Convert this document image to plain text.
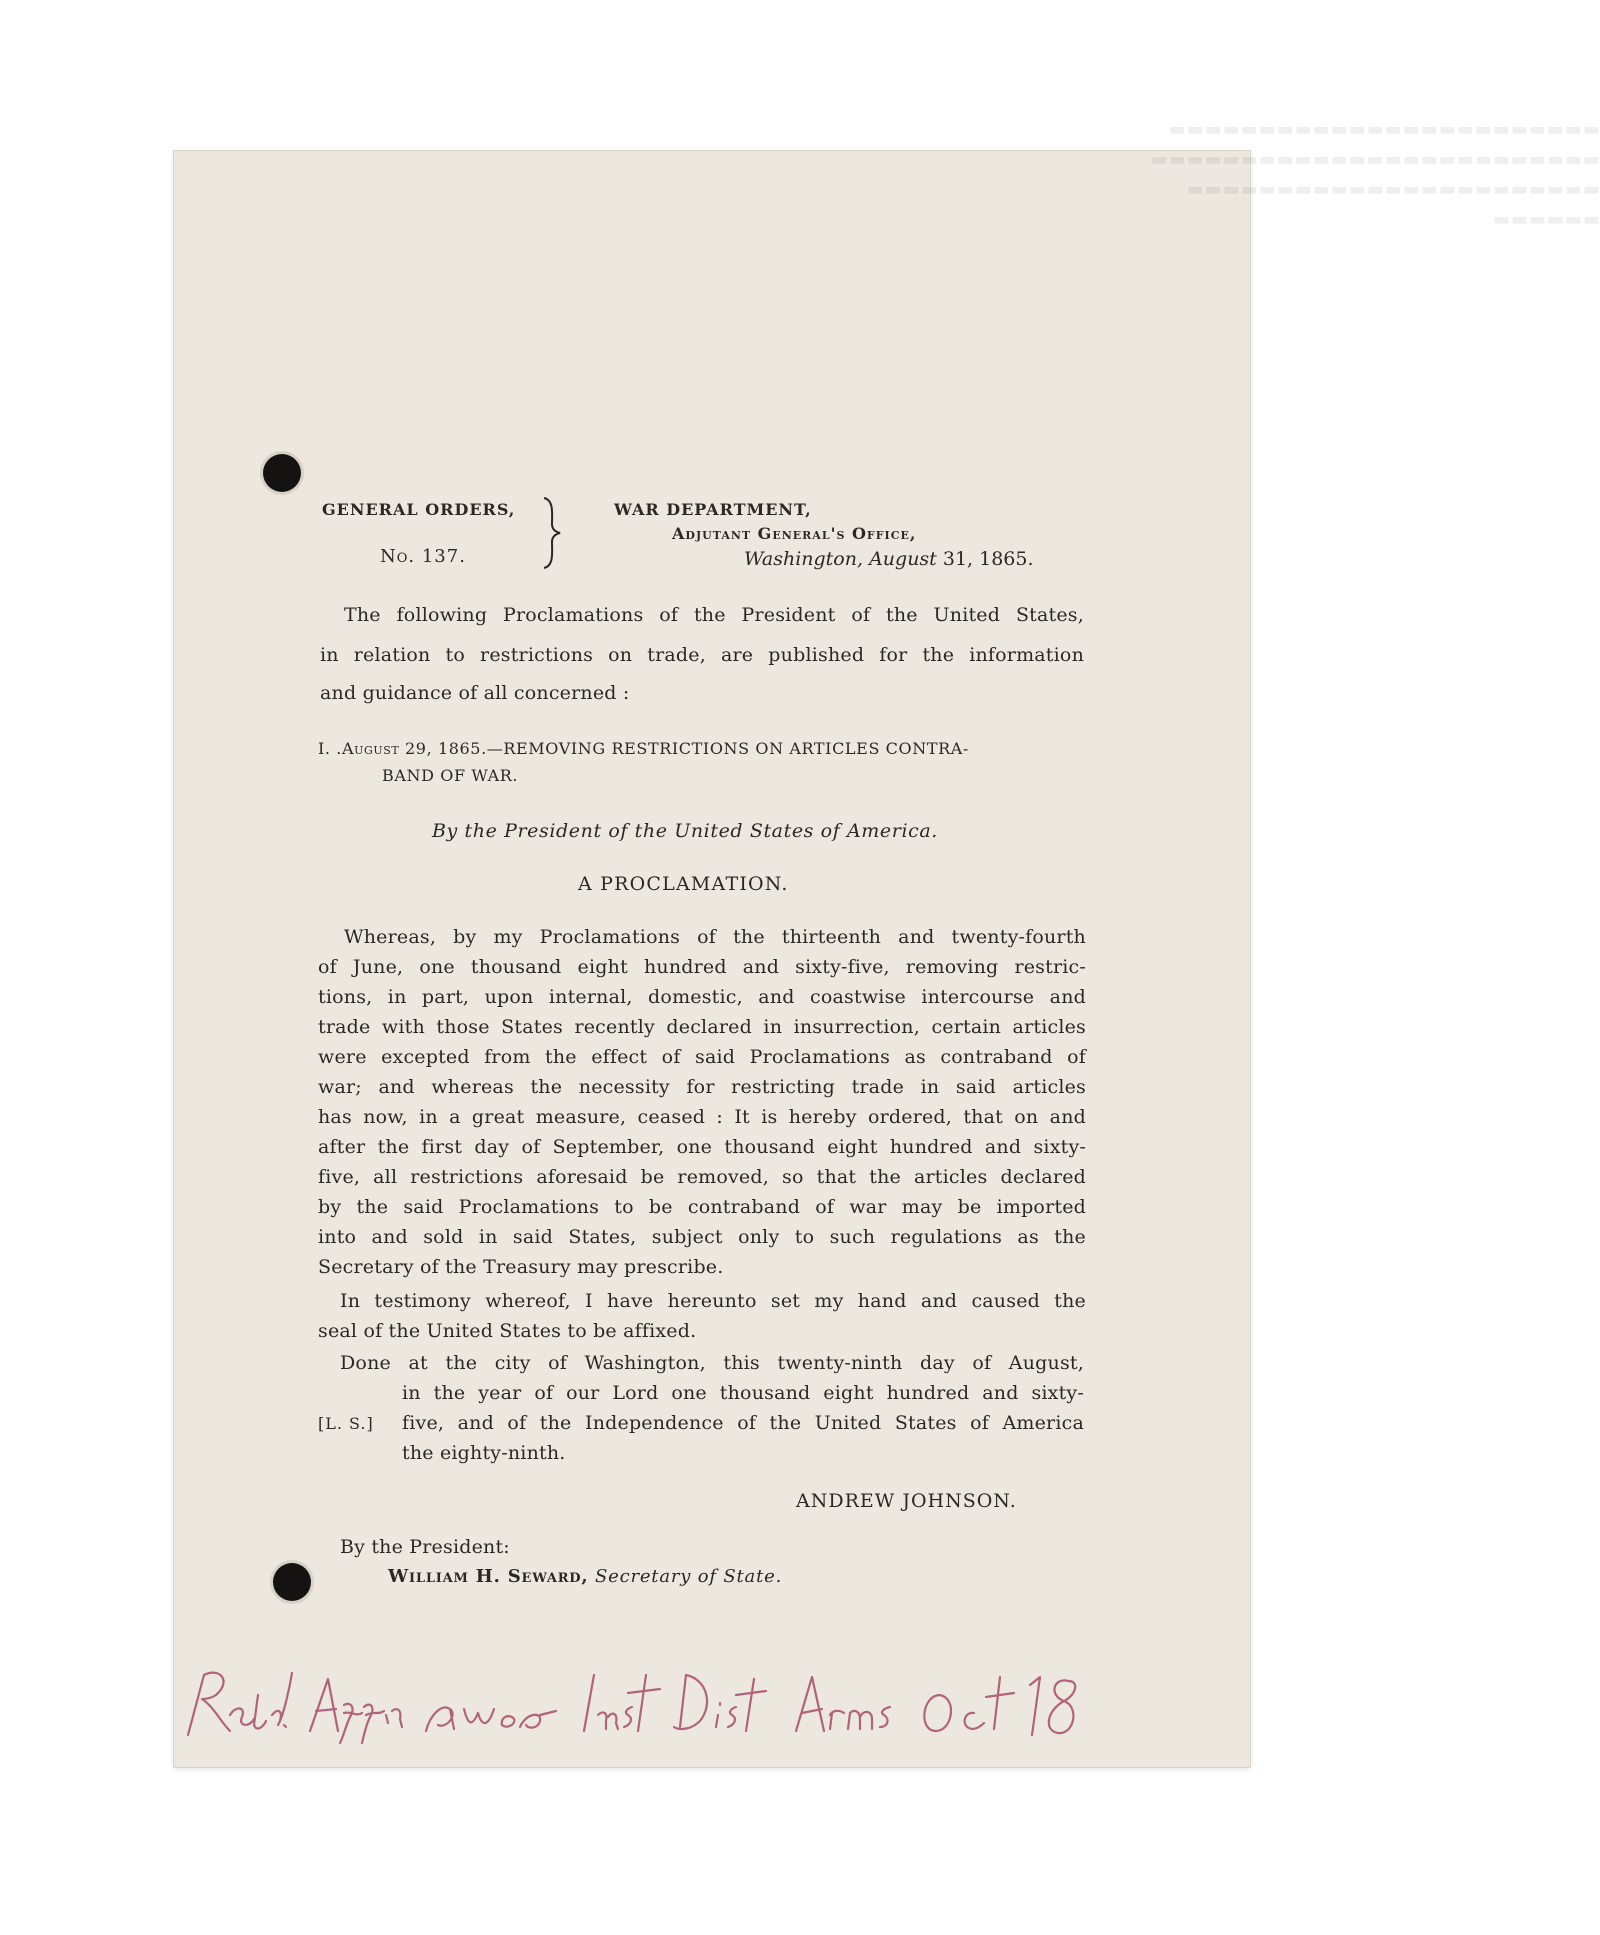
▬▬▬▬▬▬▬▬▬▬▬▬▬▬▬▬▬▬▬▬▬▬▬▬
▬▬▬▬▬▬▬▬▬▬▬▬▬▬▬▬▬▬▬▬▬▬▬▬▬
▬▬▬▬▬▬▬▬▬▬▬▬▬▬▬▬▬▬▬▬▬▬▬
▬▬▬▬▬▬
GENERAL ORDERS,
No. 137.
WAR DEPARTMENT,
Adjutant General's Office,
Washington, August 31, 1865.
The following Proclamations of the President of the United States,
in relation to restrictions on trade, are published for the information
and guidance of all concerned :
I. .August 29, 1865.—REMOVING RESTRICTIONS ON ARTICLES CONTRA-
BAND OF WAR.
By the President of the United States of America.
A PROCLAMATION.
Whereas, by my Proclamations of the thirteenth and twenty-fourth
of June, one thousand eight hundred and sixty-five, removing restric-
tions, in part, upon internal, domestic, and coastwise intercourse and
trade with those States recently declared in insurrection, certain articles
were excepted from the effect of said Proclamations as contraband of
war; and whereas the necessity for restricting trade in said articles
has now, in a great measure, ceased : It is hereby ordered, that on and
after the first day of September, one thousand eight hundred and sixty-
five, all restrictions aforesaid be removed, so that the articles declared
by the said Proclamations to be contraband of war may be imported
into and sold in said States, subject only to such regulations as the
Secretary of the Treasury may prescribe.
In testimony whereof, I have hereunto set my hand and caused the
seal of the United States to be affixed.
Done at the city of Washington, this twenty-ninth day of August,
in the year of our Lord one thousand eight hundred and sixty-
[L. S.] five, and of the Independence of the United States of America
the eighty-ninth.
ANDREW JOHNSON.
By the President:
William H. Seward, Secretary of State.
